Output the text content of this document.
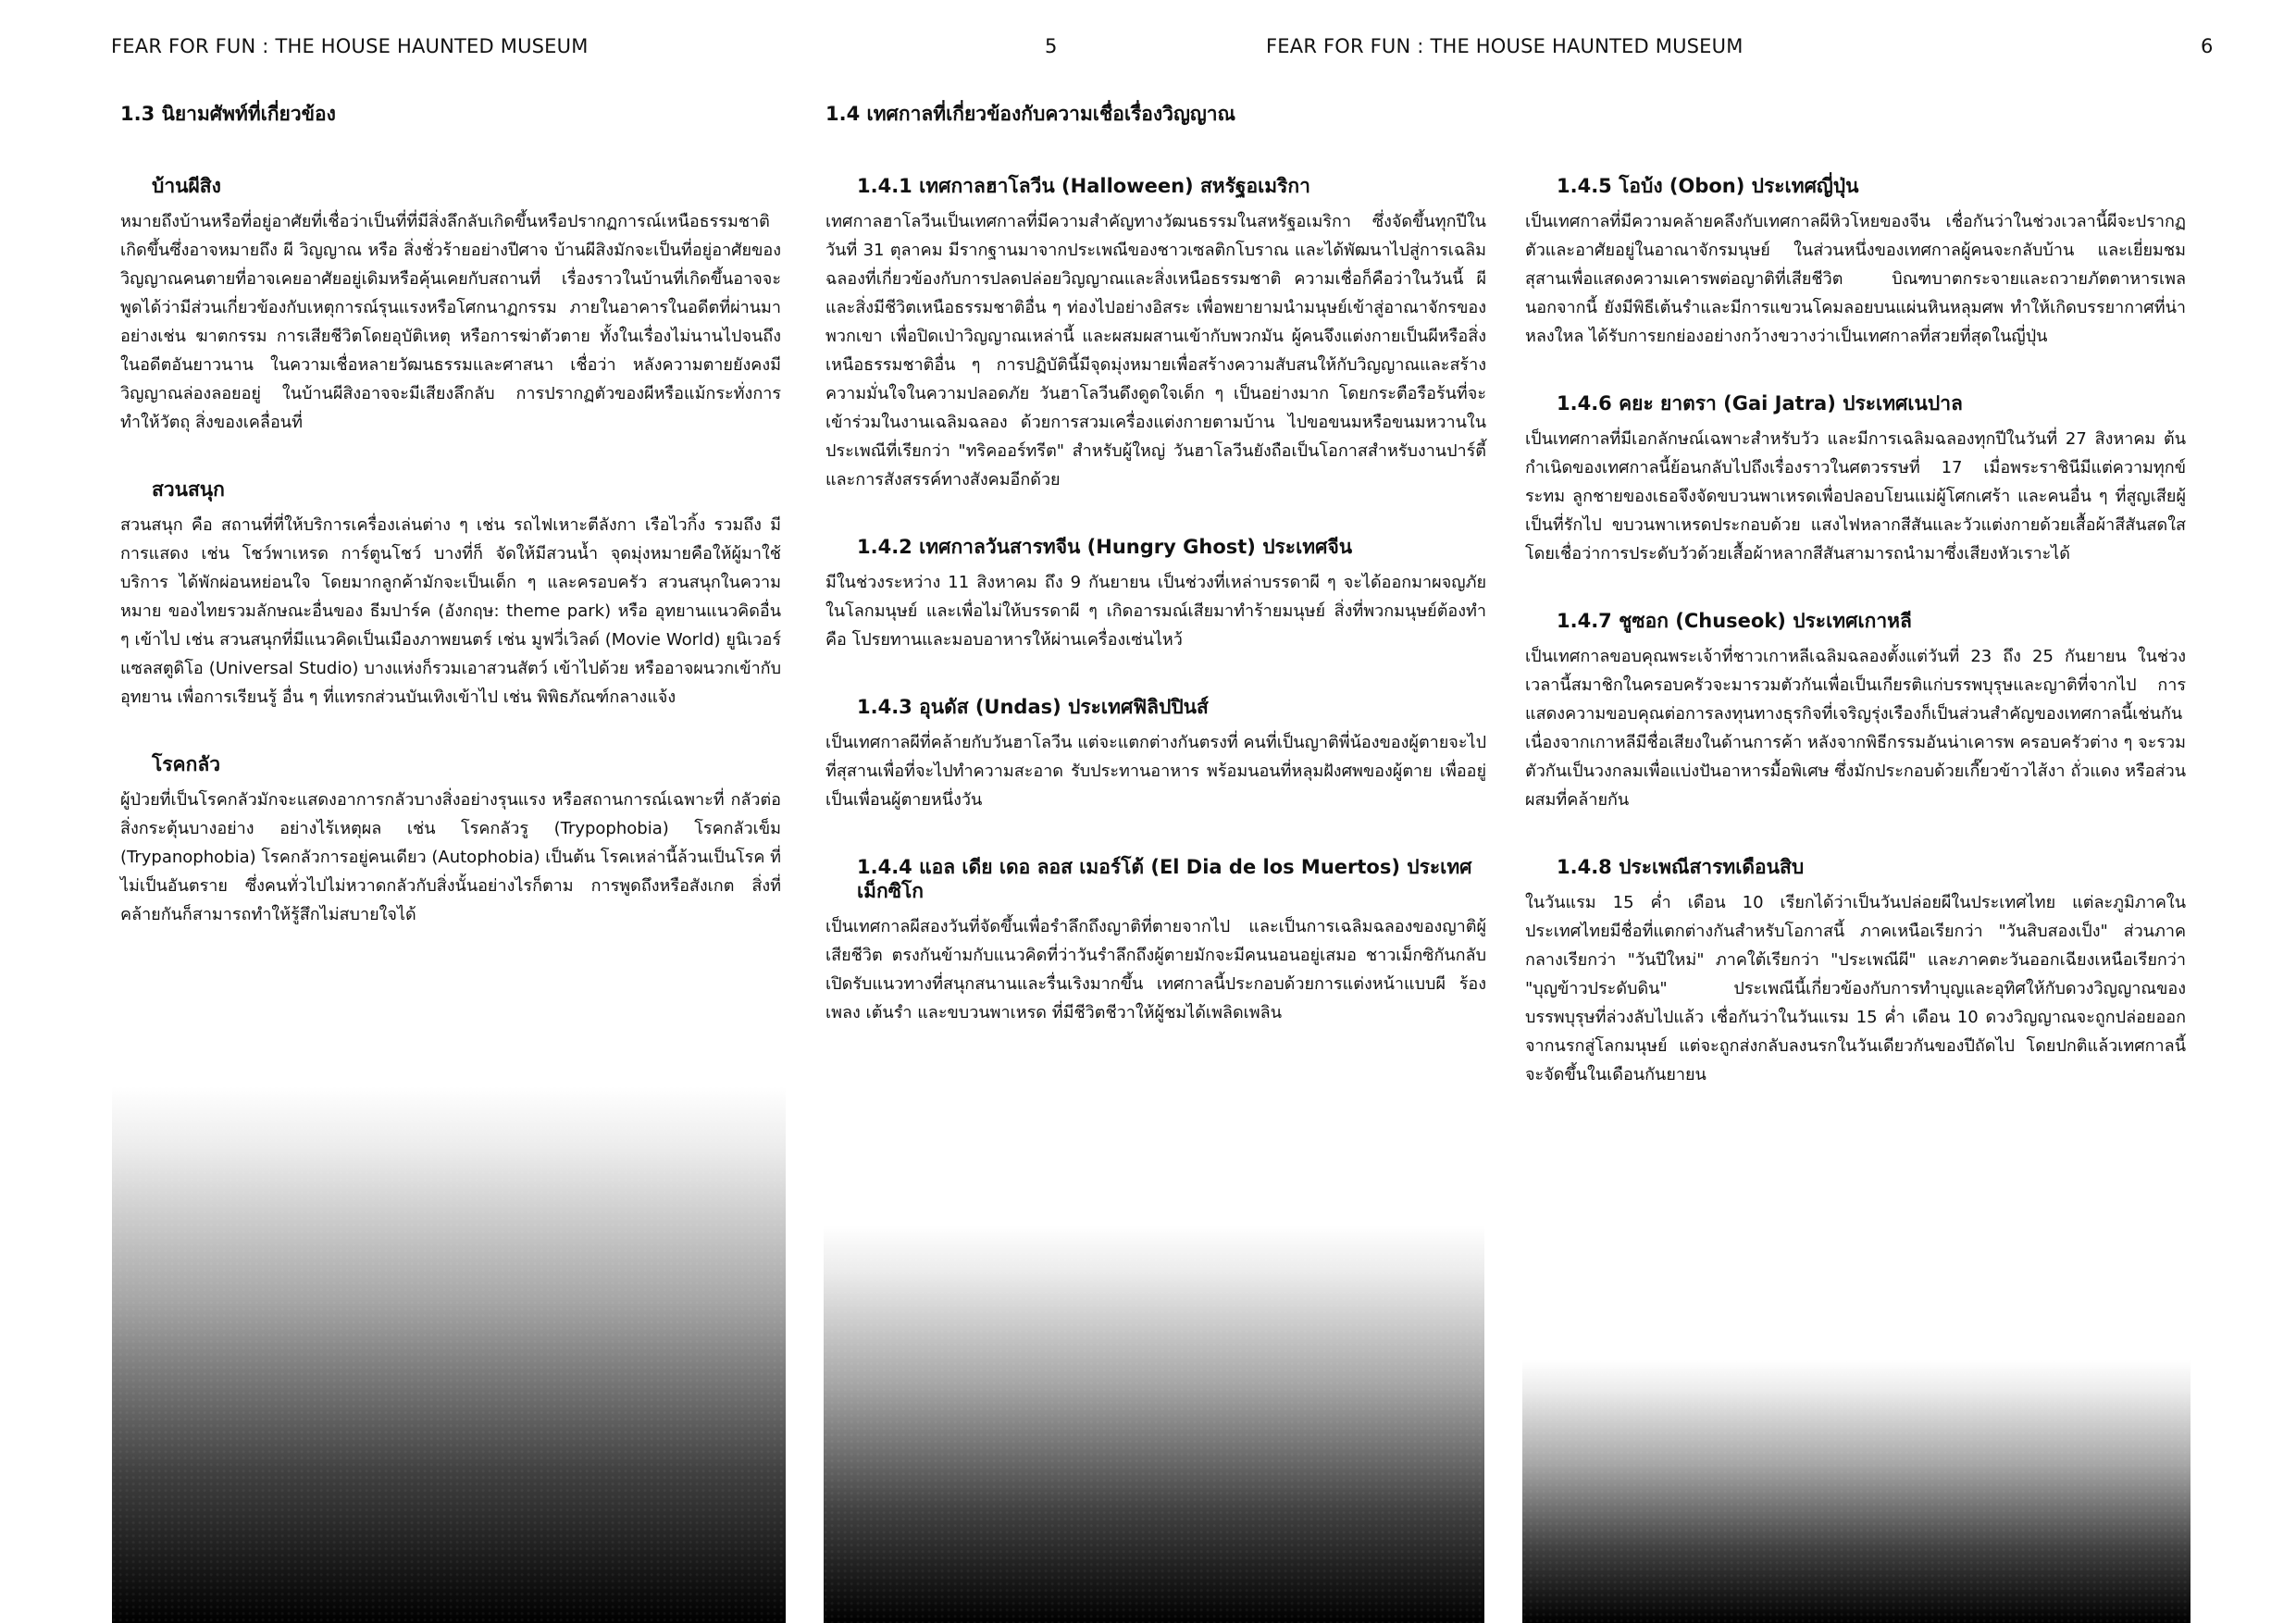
FEAR FOR FUN : THE HOUSE HAUNTED MUSEUM	5	FEAR FOR FUN : THE HOUSE HAUNTED MUSEUM	6
1.3 นิยามศัพท์ที่เกี่ยวข้อง
บ้านผีสิง

หมายถึงบ้านหรือที่อยู่อาศัยที่เชื่อว่าเป็นที่ที่มีสิ่งลึกลับเกิดขึ้นหรือปรากฏการณ์เหนือธรรมชาติ เกิดขึ้นซึ่งอาจหมายถึง ผี วิญญาณ หรือ สิ่งชั่วร้ายอย่างปีศาจ บ้านผีสิงมักจะเป็นที่อยู่อาศัยของวิญญาณคนตายที่อาจเคยอาศัยอยู่เดิมหรือคุ้นเคยกับสถานที่ เรื่องราวในบ้านที่เกิดขึ้นอาจจะพูดได้ว่ามีส่วนเกี่ยวข้องกับเหตุการณ์รุนแรงหรือโศกนาฏกรรม ภายในอาคารในอดีตที่ผ่านมาอย่างเช่น ฆาตกรรม การเสียชีวิตโดยอุบัติเหตุ หรือการฆ่าตัวตาย ทั้งในเรื่องไม่นานไปจนถึงในอดีตอันยาวนาน ในความเชื่อหลายวัฒนธรรมและศาสนา เชื่อว่า หลังความตายยังคงมีวิญญาณล่องลอยอยู่ ในบ้านผีสิงอาจจะมีเสียงลึกลับ การปรากฏตัวของผีหรือแม้กระทั่งการทำให้วัตถุ สิ่งของเคลื่อนที่

สวนสนุก

สวนสนุก คือ สถานที่ที่ให้บริการเครื่องเล่นต่าง ๆ เช่น รถไฟเหาะตีลังกา เรือไวกิ้ง รวมถึง มีการแสดง เช่น โชว์พาเหรด การ์ตูนโชว์ บางที่ก็ จัดให้มีสวนน้ำ จุดมุ่งหมายคือให้ผู้มาใช้บริการ ได้พักผ่อนหย่อนใจ โดยมากลูกค้ามักจะเป็นเด็ก ๆ และครอบครัว สวนสนุกในความหมาย ของไทยรวมลักษณะอื่นของ ธีมปาร์ค (อังกฤษ: theme park) หรือ อุทยานแนวคิดอื่น ๆ เข้าไป เช่น สวนสนุกที่มีแนวคิดเป็นเมืองภาพยนตร์ เช่น มูฟวี่เวิลด์ (Movie World) ยูนิเวอร์แซลสตูดิโอ (Universal Studio) บางแห่งก็รวมเอาสวนสัตว์ เข้าไปด้วย หรืออาจผนวกเข้ากับอุทยาน เพื่อการเรียนรู้ อื่น ๆ ที่แทรกส่วนบันเทิงเข้าไป เช่น พิพิธภัณฑ์กลางแจ้ง

โรคกลัว

ผู้ป่วยที่เป็นโรคกลัวมักจะแสดงอาการกลัวบางสิ่งอย่างรุนแรง หรือสถานการณ์เฉพาะที่ กลัวต่อสิ่งกระตุ้นบางอย่าง อย่างไร้เหตุผล เช่น โรคกลัวรู (Trypophobia) โรคกลัวเข็ม (Trypanophobia) โรคกลัวการอยู่คนเดียว (Autophobia) เป็นต้น โรคเหล่านี้ล้วนเป็นโรค ที่ไม่เป็นอันตราย ซึ่งคนทั่วไปไม่หวาดกลัวกับสิ่งนั้นอย่างไรก็ตาม การพูดถึงหรือสังเกต สิ่งที่คล้ายกันก็สามารถทำให้รู้สึกไม่สบายใจได้

1.4 เทศกาลที่เกี่ยวข้องกับความเชื่อเรื่องวิญญาณ
1.4.1 เทศกาลฮาโลวีน (Halloween) สหรัฐอเมริกา

เทศกาลฮาโลวีนเป็นเทศกาลที่มีความสำคัญทางวัฒนธรรมในสหรัฐอเมริกา ซึ่งจัดขึ้นทุกปีในวันที่ 31 ตุลาคม มีรากฐานมาจากประเพณีของชาวเซลติกโบราณ และได้พัฒนาไปสู่การเฉลิมฉลองที่เกี่ยวข้องกับการปลดปล่อยวิญญาณและสิ่งเหนือธรรมชาติ ความเชื่อก็คือว่าในวันนี้ ผีและสิ่งมีชีวิตเหนือธรรมชาติอื่น ๆ ท่องไปอย่างอิสระ เพื่อพยายามนำมนุษย์เข้าสู่อาณาจักรของพวกเขา เพื่อปิดเป่าวิญญาณเหล่านี้ และผสมผสานเข้ากับพวกมัน ผู้คนจึงแต่งกายเป็นผีหรือสิ่งเหนือธรรมชาติอื่น ๆ การปฏิบัตินี้มีจุดมุ่งหมายเพื่อสร้างความสับสนให้กับวิญญาณและสร้างความมั่นใจในความปลอดภัย วันฮาโลวีนดึงดูดใจเด็ก ๆ เป็นอย่างมาก โดยกระตือรือร้นที่จะเข้าร่วมในงานเฉลิมฉลอง ด้วยการสวมเครื่องแต่งกายตามบ้าน ไปขอขนมหรือขนมหวานในประเพณีที่เรียกว่า "ทริคออร์ทรีต" สำหรับผู้ใหญ่ วันฮาโลวีนยังถือเป็นโอกาสสำหรับงานปาร์ตี้ และการสังสรรค์ทางสังคมอีกด้วย

1.4.2 เทศกาลวันสารทจีน (Hungry Ghost) ประเทศจีน

มีในช่วงระหว่าง 11 สิงหาคม ถึง 9 กันยายน เป็นช่วงที่เหล่าบรรดาผี ๆ จะได้ออกมาผจญภัยในโลกมนุษย์ และเพื่อไม่ให้บรรดาผี ๆ เกิดอารมณ์เสียมาทำร้ายมนุษย์ สิ่งที่พวกมนุษย์ต้องทำคือ โปรยทานและมอบอาหารให้ผ่านเครื่องเซ่นไหว้

1.4.3 อุนดัส (Undas) ประเทศฟิลิปปินส์

เป็นเทศกาลผีที่คล้ายกับวันฮาโลวีน แต่จะแตกต่างกันตรงที่ คนที่เป็นญาติพี่น้องของผู้ตายจะไปที่สุสานเพื่อที่จะไปทำความสะอาด รับประทานอาหาร พร้อมนอนที่หลุมฝังศพของผู้ตาย เพื่ออยู่เป็นเพื่อนผู้ตายหนึ่งวัน

1.4.4 แอล เดีย เดอ ลอส เมอร์โต้ (El Dia de los Muertos) ประเทศเม็กซิโก

เป็นเทศกาลผีสองวันที่จัดขึ้นเพื่อรำลึกถึงญาติที่ตายจากไป และเป็นการเฉลิมฉลองของญาติผู้เสียชีวิต ตรงกันข้ามกับแนวคิดที่ว่าวันรำลึกถึงผู้ตายมักจะมีคนนอนอยู่เสมอ ชาวเม็กซิกันกลับเปิดรับแนวทางที่สนุกสนานและรื่นเริงมากขึ้น เทศกาลนี้ประกอบด้วยการแต่งหน้าแบบผี ร้องเพลง เต้นรำ และขบวนพาเหรด ที่มีชีวิตชีวาให้ผู้ชมได้เพลิดเพลิน

1.4.5 โอบ้ง (Obon) ประเทศญี่ปุ่น

เป็นเทศกาลที่มีความคล้ายคลึงกับเทศกาลผีหิวโหยของจีน เชื่อกันว่าในช่วงเวลานี้ผีจะปรากฏตัวและอาศัยอยู่ในอาณาจักรมนุษย์ ในส่วนหนึ่งของเทศกาลผู้คนจะกลับบ้าน และเยี่ยมชมสุสานเพื่อแสดงความเคารพต่อญาติที่เสียชีวิต บิณฑบาตกระจายและถวายภัตตาหารเพล นอกจากนี้ ยังมีพิธีเต้นรำและมีการแขวนโคมลอยบนแผ่นหินหลุมศพ ทำให้เกิดบรรยากาศที่น่าหลงใหล ได้รับการยกย่องอย่างกว้างขวางว่าเป็นเทศกาลที่สวยที่สุดในญี่ปุ่น

1.4.6 คยะ ยาตรา (Gai Jatra) ประเทศเนปาล

เป็นเทศกาลที่มีเอกลักษณ์เฉพาะสำหรับวัว และมีการเฉลิมฉลองทุกปีในวันที่ 27 สิงหาคม ต้นกำเนิดของเทศกาลนี้ย้อนกลับไปถึงเรื่องราวในศตวรรษที่ 17 เมื่อพระราชินีมีแต่ความทุกข์ระทม ลูกชายของเธอจึงจัดขบวนพาเหรดเพื่อปลอบโยนแม่ผู้โศกเศร้า และคนอื่น ๆ ที่สูญเสียผู้เป็นที่รักไป ขบวนพาเหรดประกอบด้วย แสงไฟหลากสีสันและวัวแต่งกายด้วยเสื้อผ้าสีสันสดใส โดยเชื่อว่าการประดับวัวด้วยเสื้อผ้าหลากสีสันสามารถนำมาซึ่งเสียงหัวเราะได้

1.4.7 ชูซอก (Chuseok) ประเทศเกาหลี

เป็นเทศกาลขอบคุณพระเจ้าที่ชาวเกาหลีเฉลิมฉลองตั้งแต่วันที่ 23 ถึง 25 กันยายน ในช่วงเวลานี้สมาชิกในครอบครัวจะมารวมตัวกันเพื่อเป็นเกียรติแก่บรรพบุรุษและญาติที่จากไป การแสดงความขอบคุณต่อการลงทุนทางธุรกิจที่เจริญรุ่งเรืองก็เป็นส่วนสำคัญของเทศกาลนี้เช่นกัน เนื่องจากเกาหลีมีชื่อเสียงในด้านการค้า หลังจากพิธีกรรมอันน่าเคารพ ครอบครัวต่าง ๆ จะรวมตัวกันเป็นวงกลมเพื่อแบ่งปันอาหารมื้อพิเศษ ซึ่งมักประกอบด้วยเกี๊ยวข้าวไส้งา ถั่วแดง หรือส่วนผสมที่คล้ายกัน

1.4.8 ประเพณีสารทเดือนสิบ

ในวันแรม 15 ค่ำ เดือน 10 เรียกได้ว่าเป็นวันปล่อยผีในประเทศไทย แต่ละภูมิภาคในประเทศไทยมีชื่อที่แตกต่างกันสำหรับโอกาสนี้ ภาคเหนือเรียกว่า "วันสิบสองเป็ง" ส่วนภาคกลางเรียกว่า "วันปีใหม่" ภาคใต้เรียกว่า "ประเพณีผี" และภาคตะวันออกเฉียงเหนือเรียกว่า "บุญข้าวประดับดิน" ประเพณีนี้เกี่ยวข้องกับการทำบุญและอุทิศให้กับดวงวิญญาณของบรรพบุรุษที่ล่วงลับไปแล้ว เชื่อกันว่าในวันแรม 15 ค่ำ เดือน 10 ดวงวิญญาณจะถูกปล่อยออกจากนรกสู่โลกมนุษย์ แต่จะถูกส่งกลับลงนรกในวันเดียวกันของปีถัดไป โดยปกติแล้วเทศกาลนี้จะจัดขึ้นในเดือนกันยายน
